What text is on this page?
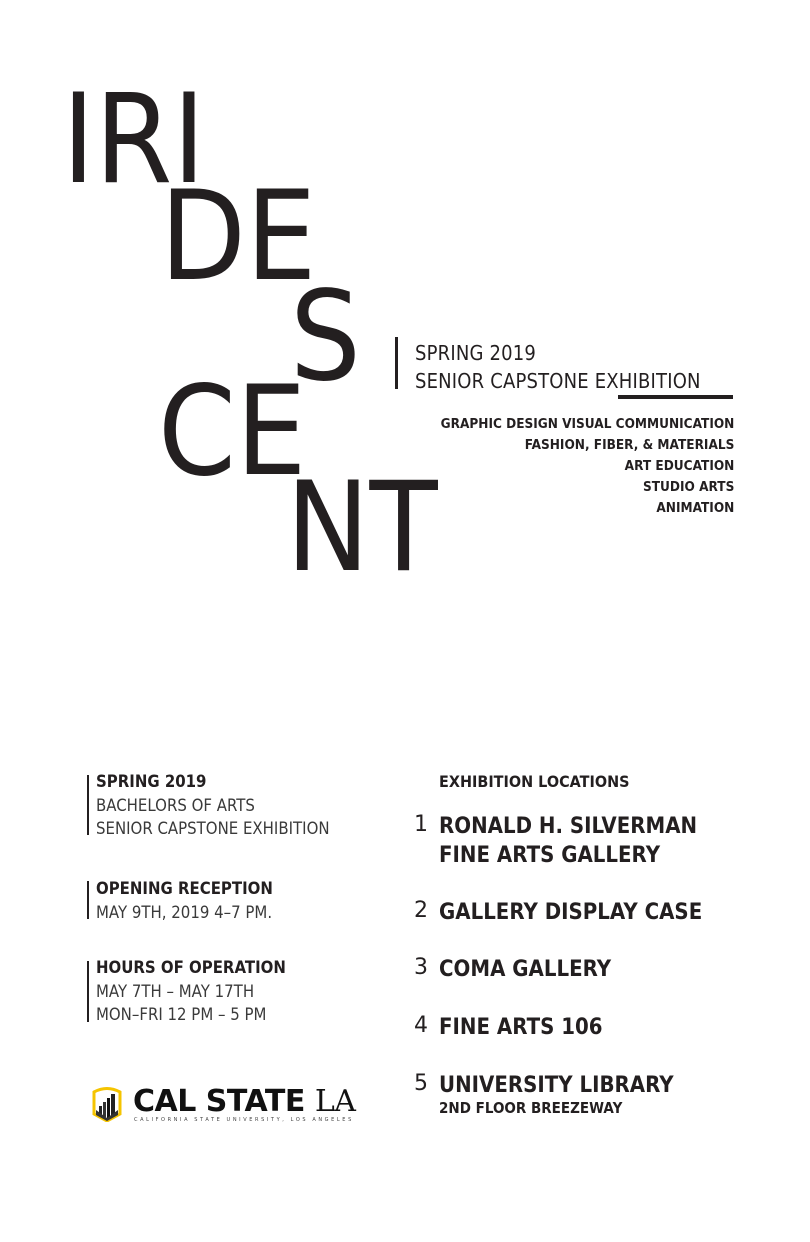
IRI
DE
S
CE
NT
SPRING 2019
SENIOR CAPSTONE EXHIBITION
GRAPHIC DESIGN VISUAL COMMUNICATION
FASHION, FIBER, & MATERIALS
ART EDUCATION
STUDIO ARTS
ANIMATION
SPRING 2019
BACHELORS OF ARTS
SENIOR CAPSTONE EXHIBITION
OPENING RECEPTION
MAY 9TH, 2019 4–7 PM.
HOURS OF OPERATION
MAY 7TH – MAY 17TH
MON–FRI 12 PM – 5 PM
CAL STATE LA
CALIFORNIA STATE UNIVERSITY, LOS ANGELES
EXHIBITION LOCATIONS
1 RONALD H. SILVERMAN
FINE ARTS GALLERY
2 GALLERY DISPLAY CASE
3 COMA GALLERY
4 FINE ARTS 106
5 UNIVERSITY LIBRARY
2ND FLOOR BREEZEWAY
